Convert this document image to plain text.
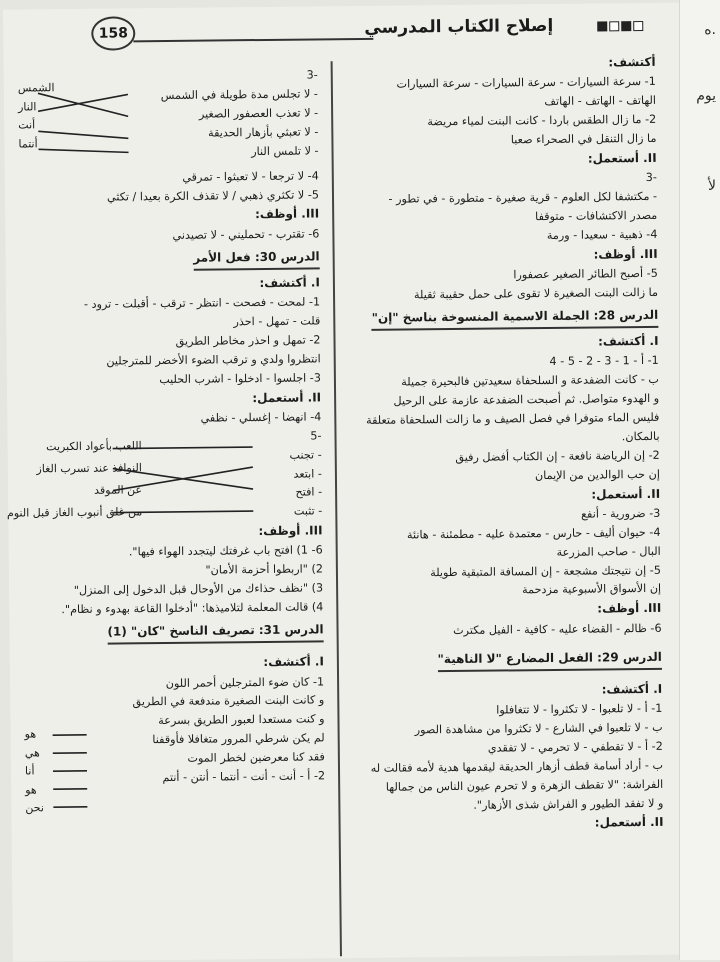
إصلاح الكتاب المدرسي
158
أكتشف:
1- سرعة السيارات - سرعة السيارات - سرعة السيارات
الهاتف - الهاتف - الهاتف
2- ما زال الطقس باردا - كانت البنت لمياء مريضة
ما زال التنقل في الصحراء صعبا
II. أستعمل:
-3
- مكتشفا لكل العلوم - قرية صغيرة - متطورة - في تطور -
مصدر الاكتشافات - متوقفا
4- ذهبية - سعيدا - ورمة
III. أوظف:
5- أصبح الطائر الصغير عصفورا
ما زالت البنت الصغيرة لا تقوى على حمل حقيبة ثقيلة
الدرس 28: الجملة الاسمية المنسوخة بناسخ "إن"

I. أكتشف:
1- أ - 1 - 3 - 2 - 5 - 4
ب - كانت الضفدعة و السلحفاة سعيدتين فالبحيرة جميلة
و الهدوء متواصل. ثم أصبحت الضفدعة عازمة على الرحيل
فليس الماء متوفرا في فصل الصيف و ما زالت السلحفاة متعلقة
بالمكان.
2- إن الرياضة نافعة - إن الكتاب أفضل رفيق
إن حب الوالدين من الإيمان
II. أستعمل:
3- ضرورية - أنفع
4- حيوان أليف - حارس - معتمدة عليه - مطمئنة - هانئة
البال - صاحب المزرعة
5- إن نتيجتك مشجعة - إن المسافة المتبقية طويلة
إن الأسواق الأسبوعية مزدحمة
III. أوظف:
6- ظالم - القضاء عليه - كافية - الفيل مكترث
الدرس 29: الفعل المضارع "لا الناهية"

I. أكتشف:
1- أ - لا تلعبوا - لا تكثروا - لا تتغافلوا
ب - لا تلعبوا في الشارع - لا تكثروا من مشاهدة الصور
2- أ - لا تقطفي - لا تحرمي - لا تفقدي
ب - أراد أسامة قطف أزهار الحديقة ليقدمها هدية لأمه فقالت له
الفراشة: "لا تقطف الزهرة و لا تحرم عيون الناس من جمالها
و لا تفقد الطيور و الفراش شذى الأزهار".
II. أستعمل:
-3
- لا تجلس مدة طويلة في الشمس
- لا تعذب العصفور الصغير
- لا تعبثي بأزهار الحديقة
- لا تلمس النار
4- لا ترجعا - لا تعبثوا - تمرقي
5- لا تكثري ذهبي / لا تقذف الكرة بعيدا / تكثي
III. أوظف:
6- تقترب - تحمليني - لا تصيدني
الدرس 30: فعل الأمر

I. أكتشف:
1- لمحت - فصحت - انتظر - ترقب - أقبلت - ترود -
قلت - تمهل - احذر
2- تمهل و احذر مخاطر الطريق
انتظروا ولدي و ترقب الضوء الأخضر للمترجلين
3- اجلسوا - ادخلوا - اشرب الحليب
II. أستعمل:
4- انهضا - إغسلي - نظفي
-5
- تجنب
- ابتعد
- افتح
- تثبت
III. أوظف:
6- 1) افتح باب غرفتك ليتجدد الهواء فيها".
2) "اربطوا أحزمة الأمان"
3) "نظف حذاءك من الأوحال قبل الدخول إلى المنزل"
4) قالت المعلمة لتلاميذها: "أدخلوا القاعة بهدوء و نظام".
الدرس 31: تصريف الناسخ "كان" (1)

I. أكتشف:
1- كان ضوء المترجلين أحمر اللون
و كانت البنت الصغيرة مندفعة في الطريق
و كنت مستعدا لعبور الطريق بسرعة
لم يكن شرطي المرور متغافلا فأوقفنا
فقد كنا معرضين لخطر الموت
2- أ - أنت - أنت - أنتما - أنتن - أنتم
الشمس
النار
أنت
أنتما
اللعب بأعواد الكبريت
النوافذ عند تسرب الغاز
عن الموقد
من غلق أنبوب الغاز قبل النوم
هو
هي
أنا
هو
نحن
ه.
يوم
لأ
